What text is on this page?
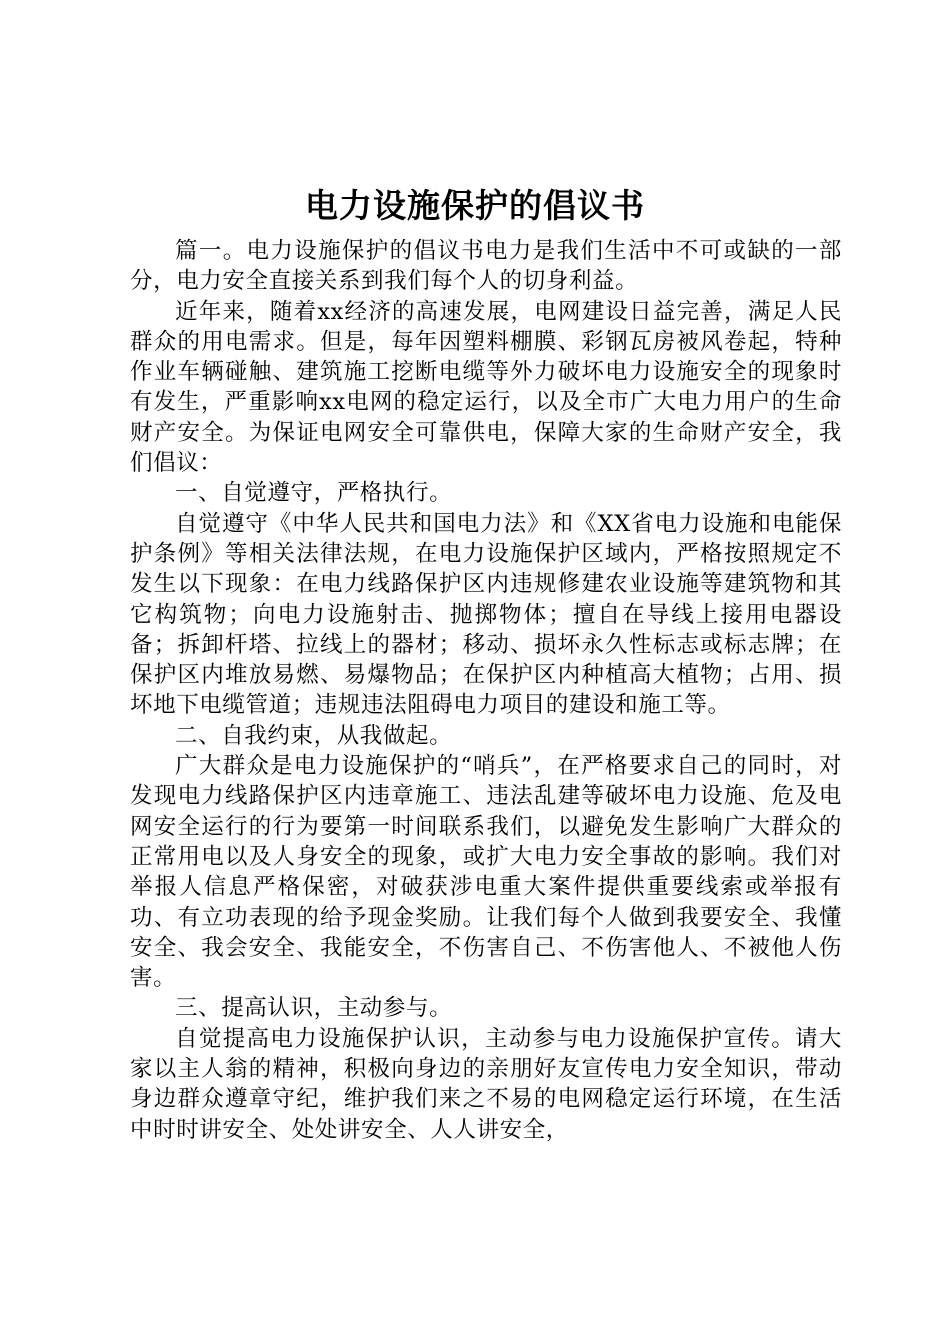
电力设施保护的倡议书

篇一。电力设施保护的倡议书电力是我们生活中不可或缺的一部分，电力安全直接关系到我们每个人的切身利益。

近年来，随着xx经济的高速发展，电网建设日益完善，满足人民群众的用电需求。但是，每年因塑料棚膜、彩钢瓦房被风卷起，特种作业车辆碰触、建筑施工挖断电缆等外力破坏电力设施安全的现象时有发生，严重影响xx电网的稳定运行，以及全市广大电力用户的生命财产安全。为保证电网安全可靠供电，保障大家的生命财产安全，我们倡议：

一、自觉遵守，严格执行。

自觉遵守《中华人民共和国电力法》和《XX省电力设施和电能保护条例》等相关法律法规，在电力设施保护区域内，严格按照规定不发生以下现象：在电力线路保护区内违规修建农业设施等建筑物和其它构筑物；向电力设施射击、抛掷物体；擅自在导线上接用电器设备；拆卸杆塔、拉线上的器材；移动、损坏永久性标志或标志牌；在保护区内堆放易燃、易爆物品；在保护区内种植高大植物；占用、损坏地下电缆管道；违规违法阻碍电力项目的建设和施工等。

二、自我约束，从我做起。

广大群众是电力设施保护的“哨兵”，在严格要求自己的同时，对发现电力线路保护区内违章施工、违法乱建等破坏电力设施、危及电网安全运行的行为要第一时间联系我们，以避免发生影响广大群众的正常用电以及人身安全的现象，或扩大电力安全事故的影响。我们对举报人信息严格保密，对破获涉电重大案件提供重要线索或举报有功、有立功表现的给予现金奖励。让我们每个人做到我要安全、我懂安全、我会安全、我能安全，不伤害自己、不伤害他人、不被他人伤害。

三、提高认识，主动参与。

自觉提高电力设施保护认识，主动参与电力设施保护宣传。请大家以主人翁的精神，积极向身边的亲朋好友宣传电力安全知识，带动身边群众遵章守纪，维护我们来之不易的电网稳定运行环境，在生活中时时讲安全、处处讲安全、人人讲安全，
